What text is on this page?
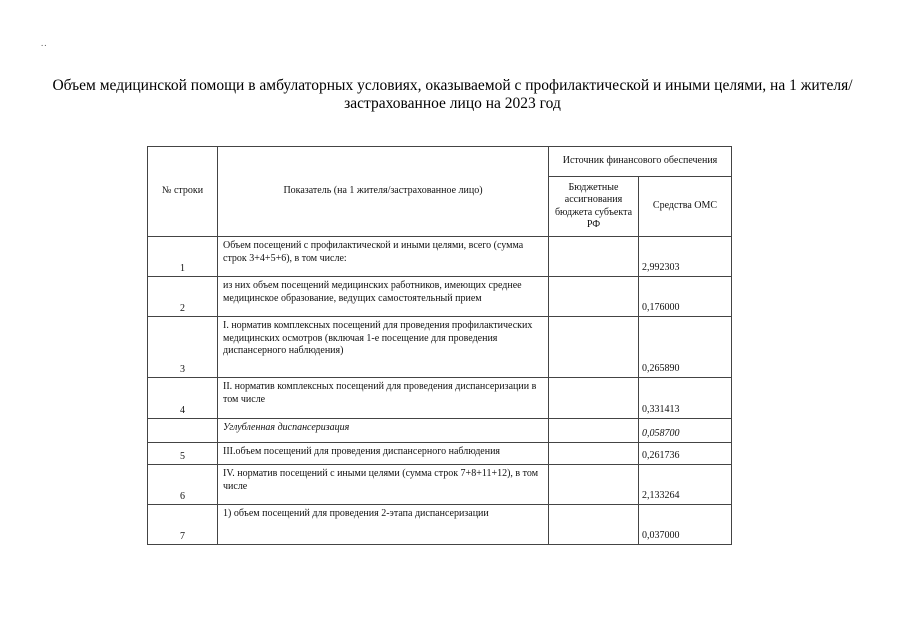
..
Объем медицинской помощи в амбулаторных условиях, оказываемой с профилактической и иными целями, на 1 жителя/застрахованное лицо на 2023 год
№ строки	Показатель (на 1 жителя/застрахованное лицо)	Источник финансового обеспечения	
		Бюджетные ассигнования бюджета субъекта РФ	Средства ОМС
1	Объем посещений с профилактической и иными целями, всего (сумма строк 3+4+5+6), в том числе:		2,992303
2	из них объем посещений медицинских работников, имеющих среднее медицинское образование, ведущих самостоятельный прием		0,176000
3	I. норматив комплексных посещений для проведения профилактических медицинских осмотров (включая 1-е посещение для проведения диспансерного наблюдения)		0,265890
4	II. норматив комплексных посещений для проведения диспансеризации в том числе		0,331413
	Углубленная диспансеризация		0,058700
5	III.объем посещений для проведения диспансерного наблюдения		0,261736
6	IV. норматив посещений с иными целями (сумма строк 7+8+11+12), в том числе		2,133264
7	1) объем посещений для проведения 2-этапа диспансеризации		0,037000
